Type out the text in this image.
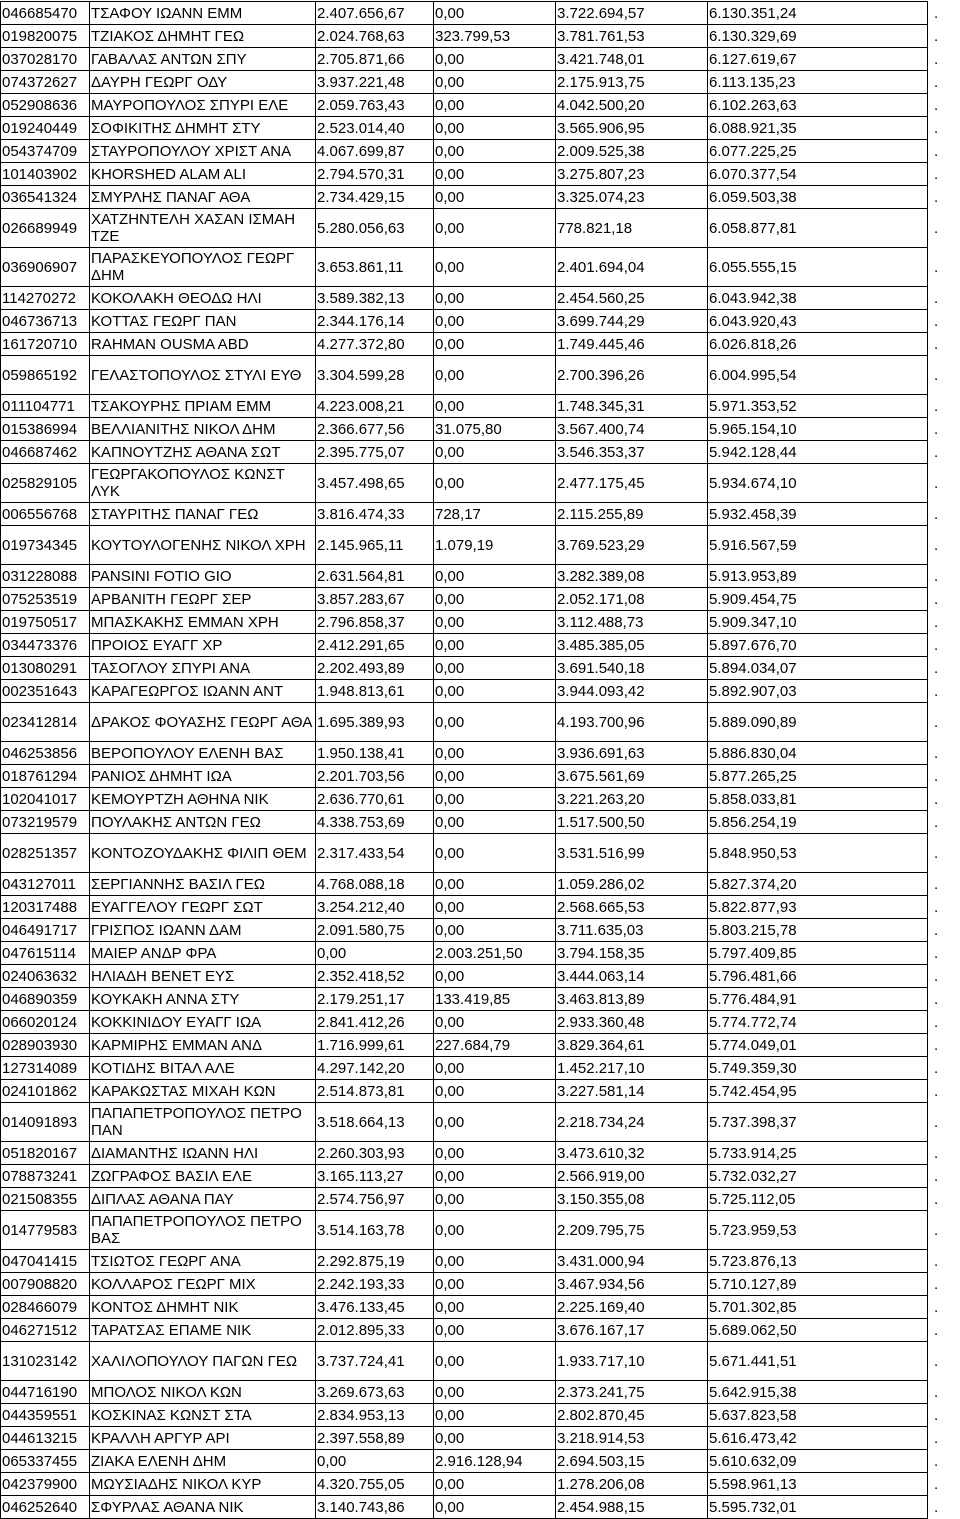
046685470	ΤΣΑΦΟΥ ΙΩΑΝΝ ΕΜΜ	2.407.656,67	0,00	3.722.694,57	6.130.351,24	.
019820075	ΤΖΙΑΚΟΣ ΔΗΜΗΤ ΓΕΩ	2.024.768,63	323.799,53	3.781.761,53	6.130.329,69	.
037028170	ΓΑΒΑΛΑΣ ΑΝΤΩΝ ΣΠΥ	2.705.871,66	0,00	3.421.748,01	6.127.619,67	.
074372627	ΔΑΥΡΗ ΓΕΩΡΓ ΟΔΥ	3.937.221,48	0,00	2.175.913,75	6.113.135,23	.
052908636	ΜΑΥΡΟΠΟΥΛΟΣ ΣΠΥΡΙ ΕΛΕ	2.059.763,43	0,00	4.042.500,20	6.102.263,63	.
019240449	ΣΟΦΙΚΙΤΗΣ ΔΗΜΗΤ ΣΤΥ	2.523.014,40	0,00	3.565.906,95	6.088.921,35	.
054374709	ΣΤΑΥΡΟΠΟΥΛΟΥ ΧΡΙΣΤ ΑΝΑ	4.067.699,87	0,00	2.009.525,38	6.077.225,25	.
101403902	KHORSHED ALAM ALI	2.794.570,31	0,00	3.275.807,23	6.070.377,54	.
036541324	ΣΜΥΡΛΗΣ ΠΑΝΑΓ ΑΘΑ	2.734.429,15	0,00	3.325.074,23	6.059.503,38	.
026689949	ΧΑΤΖΗΝΤΕΛΗ ΧΑΣΑΝ ΙΣΜΑΗ ΤΖΕ	5.280.056,63	0,00	778.821,18	6.058.877,81	.
036906907	ΠΑΡΑΣΚΕΥΟΠΟΥΛΟΣ ΓΕΩΡΓ ΔΗΜ	3.653.861,11	0,00	2.401.694,04	6.055.555,15	.
114270272	ΚΟΚΟΛΑΚΗ ΘΕΟΔΩ ΗΛΙ	3.589.382,13	0,00	2.454.560,25	6.043.942,38	.
046736713	ΚΟΤΤΑΣ ΓΕΩΡΓ ΠΑΝ	2.344.176,14	0,00	3.699.744,29	6.043.920,43	.
161720710	RAHMAN OUSMA ABD	4.277.372,80	0,00	1.749.445,46	6.026.818,26	.
059865192	ΓΕΛΑΣΤΟΠΟΥΛΟΣ ΣΤΥΛΙ ΕΥΘ	3.304.599,28	0,00	2.700.396,26	6.004.995,54	.
011104771	ΤΣΑΚΟΥΡΗΣ ΠΡΙΑΜ ΕΜΜ	4.223.008,21	0,00	1.748.345,31	5.971.353,52	.
015386994	ΒΕΛΛΙΑΝΙΤΗΣ ΝΙΚΟΛ ΔΗΜ	2.366.677,56	31.075,80	3.567.400,74	5.965.154,10	.
046687462	ΚΑΠΝΟΥΤΖΗΣ ΑΘΑΝΑ ΣΩΤ	2.395.775,07	0,00	3.546.353,37	5.942.128,44	.
025829105	ΓΕΩΡΓΑΚΟΠΟΥΛΟΣ ΚΩΝΣΤ ΛΥΚ	3.457.498,65	0,00	2.477.175,45	5.934.674,10	.
006556768	ΣΤΑΥΡΙΤΗΣ ΠΑΝΑΓ ΓΕΩ	3.816.474,33	728,17	2.115.255,89	5.932.458,39	.
019734345	ΚΟΥΤΟΥΛΟΓΕΝΗΣ ΝΙΚΟΛ ΧΡΗ	2.145.965,11	1.079,19	3.769.523,29	5.916.567,59	.
031228088	PANSINI FOTIO GIO	2.631.564,81	0,00	3.282.389,08	5.913.953,89	.
075253519	ΑΡΒΑΝΙΤΗ ΓΕΩΡΓ ΣΕΡ	3.857.283,67	0,00	2.052.171,08	5.909.454,75	.
019750517	ΜΠΑΣΚΑΚΗΣ ΕΜΜΑΝ ΧΡΗ	2.796.858,37	0,00	3.112.488,73	5.909.347,10	.
034473376	ΠΡΟΙΟΣ ΕΥΑΓΓ ΧΡ	2.412.291,65	0,00	3.485.385,05	5.897.676,70	.
013080291	ΤΑΣΟΓΛΟΥ ΣΠΥΡΙ ΑΝΑ	2.202.493,89	0,00	3.691.540,18	5.894.034,07	.
002351643	ΚΑΡΑΓΕΩΡΓΟΣ ΙΩΑΝΝ ΑΝΤ	1.948.813,61	0,00	3.944.093,42	5.892.907,03	.
023412814	ΔΡΑΚΟΣ ΦΟΥΑΣΗΣ ΓΕΩΡΓ ΑΘΑ	1.695.389,93	0,00	4.193.700,96	5.889.090,89	.
046253856	ΒΕΡΟΠΟΥΛΟΥ ΕΛΕΝΗ ΒΑΣ	1.950.138,41	0,00	3.936.691,63	5.886.830,04	.
018761294	ΡΑΝΙΟΣ ΔΗΜΗΤ ΙΩΑ	2.201.703,56	0,00	3.675.561,69	5.877.265,25	.
102041017	ΚΕΜΟΥΡΤΖΗ ΑΘΗΝΑ ΝΙΚ	2.636.770,61	0,00	3.221.263,20	5.858.033,81	.
073219579	ΠΟΥΛΑΚΗΣ ΑΝΤΩΝ ΓΕΩ	4.338.753,69	0,00	1.517.500,50	5.856.254,19	.
028251357	ΚΟΝΤΟΖΟΥΔΑΚΗΣ ΦΙΛΙΠ ΘΕΜ	2.317.433,54	0,00	3.531.516,99	5.848.950,53	.
043127011	ΣΕΡΓΙΑΝΝΗΣ ΒΑΣΙΛ ΓΕΩ	4.768.088,18	0,00	1.059.286,02	5.827.374,20	.
120317488	ΕΥΑΓΓΕΛΟΥ ΓΕΩΡΓ ΣΩΤ	3.254.212,40	0,00	2.568.665,53	5.822.877,93	.
046491717	ΓΡΙΣΠΟΣ ΙΩΑΝΝ ΔΑΜ	2.091.580,75	0,00	3.711.635,03	5.803.215,78	.
047615114	ΜΑΙΕΡ ΑΝΔΡ ΦΡΑ	0,00	2.003.251,50	3.794.158,35	5.797.409,85	.
024063632	ΗΛΙΑΔΗ ΒΕΝΕΤ ΕΥΣ	2.352.418,52	0,00	3.444.063,14	5.796.481,66	.
046890359	ΚΟΥΚΑΚΗ ΑΝΝΑ ΣΤΥ	2.179.251,17	133.419,85	3.463.813,89	5.776.484,91	.
066020124	ΚΟΚΚΙΝΙΔΟΥ ΕΥΑΓΓ ΙΩΑ	2.841.412,26	0,00	2.933.360,48	5.774.772,74	.
028903930	ΚΑΡΜΙΡΗΣ ΕΜΜΑΝ ΑΝΔ	1.716.999,61	227.684,79	3.829.364,61	5.774.049,01	.
127314089	ΚΟΤΙΔΗΣ ΒΙΤΑΛ ΑΛΕ	4.297.142,20	0,00	1.452.217,10	5.749.359,30	.
024101862	ΚΑΡΑΚΩΣΤΑΣ ΜΙΧΑΗ ΚΩΝ	2.514.873,81	0,00	3.227.581,14	5.742.454,95	.
014091893	ΠΑΠΑΠΕΤΡΟΠΟΥΛΟΣ ΠΕΤΡΟ ΠΑΝ	3.518.664,13	0,00	2.218.734,24	5.737.398,37	.
051820167	ΔΙΑΜΑΝΤΗΣ ΙΩΑΝΝ ΗΛΙ	2.260.303,93	0,00	3.473.610,32	5.733.914,25	.
078873241	ΖΩΓΡΑΦΟΣ ΒΑΣΙΛ ΕΛΕ	3.165.113,27	0,00	2.566.919,00	5.732.032,27	.
021508355	ΔΙΠΛΑΣ ΑΘΑΝΑ ΠΑΥ	2.574.756,97	0,00	3.150.355,08	5.725.112,05	.
014779583	ΠΑΠΑΠΕΤΡΟΠΟΥΛΟΣ ΠΕΤΡΟ ΒΑΣ	3.514.163,78	0,00	2.209.795,75	5.723.959,53	.
047041415	ΤΣΙΩΤΟΣ ΓΕΩΡΓ ΑΝΑ	2.292.875,19	0,00	3.431.000,94	5.723.876,13	.
007908820	ΚΟΛΛΑΡΟΣ ΓΕΩΡΓ ΜΙΧ	2.242.193,33	0,00	3.467.934,56	5.710.127,89	.
028466079	ΚΟΝΤΟΣ ΔΗΜΗΤ ΝΙΚ	3.476.133,45	0,00	2.225.169,40	5.701.302,85	.
046271512	ΤΑΡΑΤΣΑΣ ΕΠΑΜΕ ΝΙΚ	2.012.895,33	0,00	3.676.167,17	5.689.062,50	.
131023142	ΧΑΛΙΛΟΠΟΥΛΟΥ ΠΑΓΩΝ ΓΕΩ	3.737.724,41	0,00	1.933.717,10	5.671.441,51	.
044716190	ΜΠΟΛΟΣ ΝΙΚΟΛ ΚΩΝ	3.269.673,63	0,00	2.373.241,75	5.642.915,38	.
044359551	ΚΟΣΚΙΝΑΣ ΚΩΝΣΤ ΣΤΑ	2.834.953,13	0,00	2.802.870,45	5.637.823,58	.
044613215	ΚΡΑΛΛΗ ΑΡΓΥΡ ΑΡΙ	2.397.558,89	0,00	3.218.914,53	5.616.473,42	.
065337455	ΖΙΑΚΑ ΕΛΕΝΗ ΔΗΜ	0,00	2.916.128,94	2.694.503,15	5.610.632,09	.
042379900	ΜΩΥΣΙΑΔΗΣ ΝΙΚΟΛ ΚΥΡ	4.320.755,05	0,00	1.278.206,08	5.598.961,13	.
046252640	ΣΦΥΡΛΑΣ ΑΘΑΝΑ ΝΙΚ	3.140.743,86	0,00	2.454.988,15	5.595.732,01	.
